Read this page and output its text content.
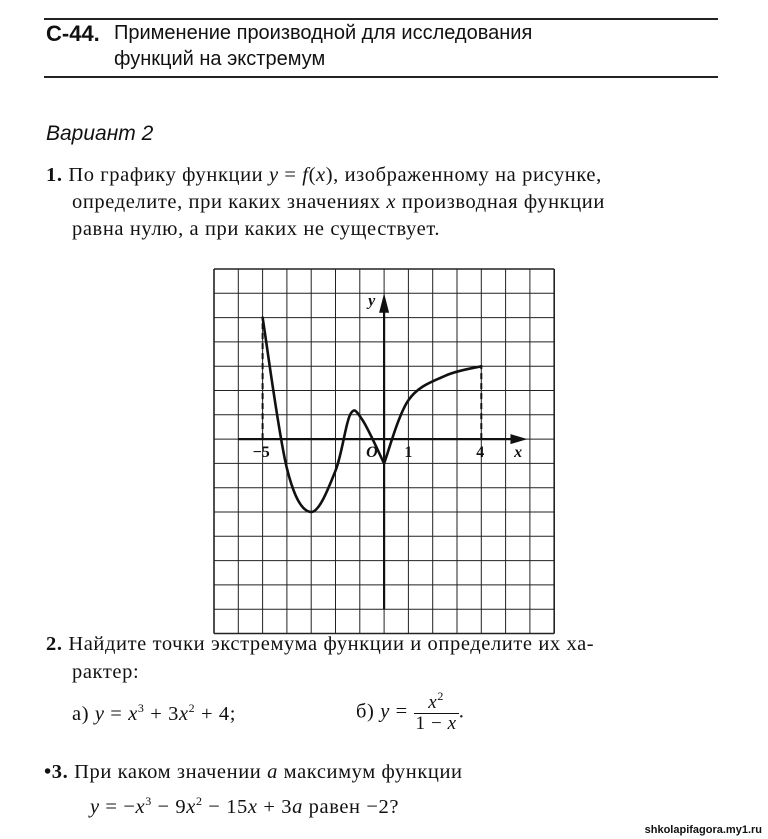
С-44. Применение производной для исследования
функций на экстремум
Вариант 2
1. По графику функции y = f(x), изображенному на рисунке,
определите, при каких значениях x производная функции
равна нулю, а при каких не существует.
x
y
O
−5	1	4
2. Найдите точки экстремума функции и определите их ха-
рактер:
а) $y = x^3 + 3x^2 + 4$;	б) $y = \frac{x^2}{1 - x}$ .
•3. При каком значении a максимум функции
$y = -x^3 - 9x^2 - 15x + 3a$ равен −2?
shkolapifagora.my1.ru
